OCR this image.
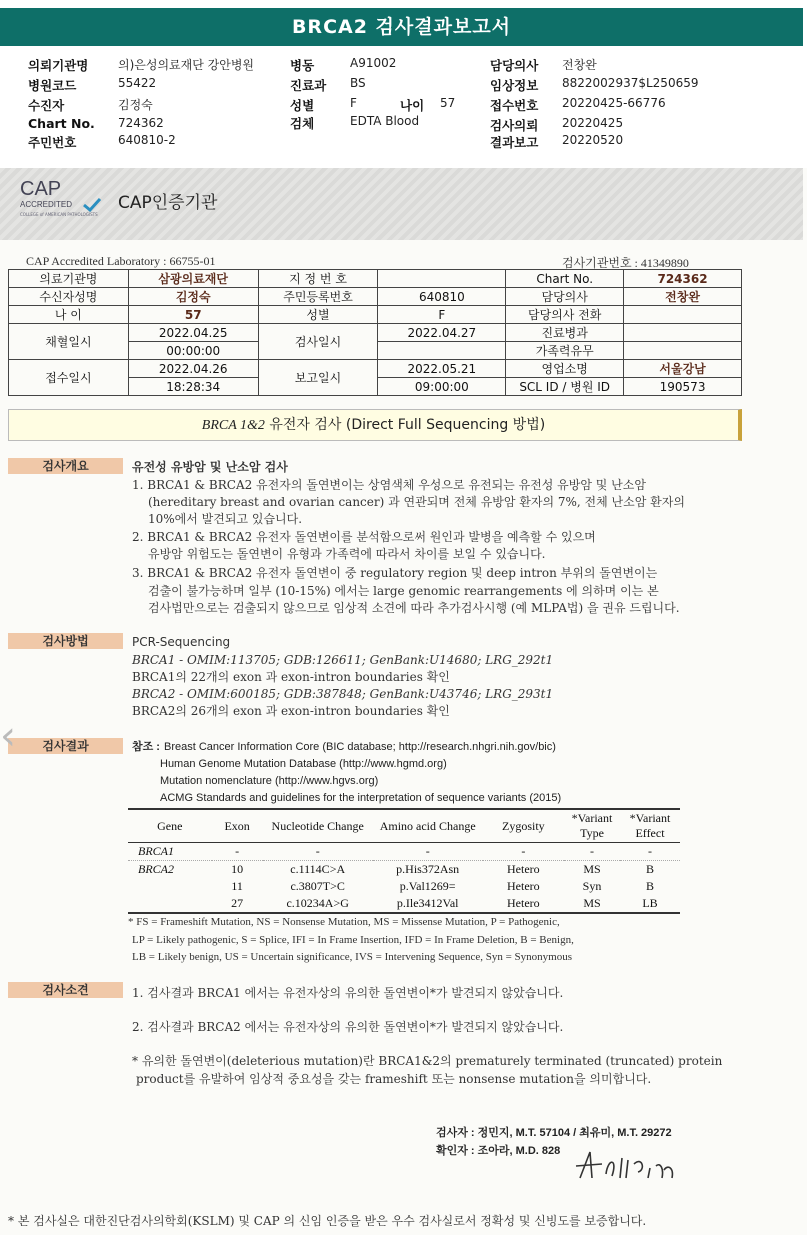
BRCA2 검사결과보고서
의뢰기관명 의)은성의료재단 강안병원
병원코드	55422
수진자	김정숙
Chart No. 724362
주민번호	640810-2
병동	A91002
진료과 BS
성별	F	나이 57
검체	EDTA Blood
담당의사 전창완
임상정보 8822002937$L250659
접수번호 20220425-66776
검사의뢰 20220425
결과보고 20220520
CAP
ACCREDITED
COLLEGE of AMERICAN PATHOLOGISTS
CAP인증기관
CAP Accredited Laboratory : 66755-01	검사기관번호 : 41349890
의료기관명	삼광의료재단	지 정 번 호		Chart No.	724362
수신자성명	김정숙	주민등록번호	640810	담당의사	전창완
나 이	57	성별	F	담당의사 전화	
채혈일시	2022.04.25	검사일시	2022.04.27	진료병과	
	00:00:00			가족력유무	
접수일시	2022.04.26	보고일시	2022.05.21	영업소명	서울강남
	18:28:34		09:00:00	SCL ID / 병원 ID	190573
BRCA 1&2 유전자 검사 (Direct Full Sequencing 방법)
검사개요	유전성 유방암 및 난소암 검사
1. BRCA1 & BRCA2 유전자의 돌연변이는 상염색체 우성으로 유전되는 유전성 유방암 및 난소암
(hereditary breast and ovarian cancer) 과 연관되며 전체 유방암 환자의 7%, 전체 난소암 환자의
10%에서 발견되고 있습니다.
2. BRCA1 & BRCA2 유전자 돌연변이를 분석함으로써 원인과 발병을 예측할 수 있으며
유방암 위험도는 돌연변이 유형과 가족력에 따라서 차이를 보일 수 있습니다.
3. BRCA1 & BRCA2 유전자 돌연변이 중 regulatory region 및 deep intron 부위의 돌연변이는
검출이 불가능하며 일부 (10-15%) 에서는 large genomic rearrangements 에 의하며 이는 본
검사법만으로는 검출되지 않으므로 임상적 소견에 따라 추가검사시행 (예 MLPA법) 을 권유 드립니다.
검사방법	PCR-Sequencing
BRCA1 - OMIM:113705; GDB:126611; GenBank:U14680; LRG_292t1
BRCA1의 22개의 exon 과 exon-intron boundaries 확인
BRCA2 - OMIM:600185; GDB:387848; GenBank:U43746; LRG_293t1
BRCA2의 26개의 exon 과 exon-intron boundaries 확인
검사결과	참조 : Breast Cancer Information Core (BIC database; http://research.nhgri.nih.gov/bic)
Human Genome Mutation Database (http://www.hgmd.org)
Mutation nomenclature (http://www.hgvs.org)
ACMG Standards and guidelines for the interpretation of sequence variants (2015)
Gene	Exon	Nucleotide Change	Amino acid Change	Zygosity	*Variant Type	*Variant Effect
BRCA1	-	-	-	-	-	-
BRCA2	10	c.1114C>A	p.His372Asn	Hetero	MS	B
	11	c.3807T>C	p.Val1269=	Hetero	Syn	B
	27	c.10234A>G	p.Ile3412Val	Hetero	MS	LB
* FS = Frameshift Mutation, NS = Nonsense Mutation, MS = Missense Mutation, P = Pathogenic,
LP = Likely pathogenic, S = Splice, IFI = In Frame Insertion, IFD = In Frame Deletion, B = Benign,
LB = Likely benign, US = Uncertain significance, IVS = Intervening Sequence, Syn = Synonymous
검사소견	1. 검사결과 BRCA1 에서는 유전자상의 유의한 돌연변이*가 발견되지 않았습니다.
2. 검사결과 BRCA2 에서는 유전자상의 유의한 돌연변이*가 발견되지 않았습니다.
* 유의한 돌연변이(deleterious mutation)란 BRCA1&2의 prematurely terminated (truncated) protein
product를 유발하여 임상적 중요성을 갖는 frameshift 또는 nonsense mutation을 의미합니다.
검사자 : 정민지, M.T. 57104 / 최유미, M.T. 29272
확인자 : 조아라, M.D. 828
* 본 검사실은 대한진단검사의학회(KSLM) 및 CAP 의 신임 인증을 받은 우수 검사실로서 정확성 및 신빙도를 보증합니다.
‹
